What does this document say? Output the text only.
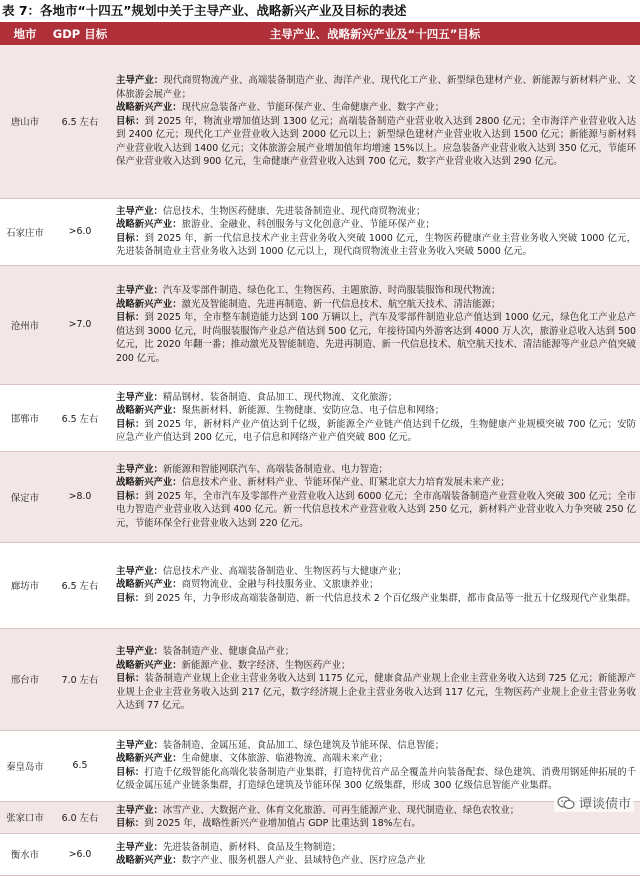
表 7：各地市“十四五”规划中关于主导产业、战略新兴产业及目标的表述
地市	GDP 目标	主导产业、战略新兴产业及“十四五”目标
唐山市	6.5 左右	主导产业：现代商贸物流产业、高端装备制造产业、海洋产业、现代化工产业、新型绿色建材产业、新能源与新材料产业、文体旅游会展产业；
战略新兴产业：现代应急装备产业、节能环保产业、生命健康产业、数字产业；
目标：到 2025 年，物流业增加值达到 1300 亿元；高端装备制造产业营业收入达到 2800 亿元；全市海洋产业营业收入达到 2400 亿元；现代化工产业营业收入达到 2000 亿元以上；新型绿色建材产业营业收入达到 1500 亿元；新能源与新材料产业营业收入达到 1400 亿元；文体旅游会展产业增加值年均增速 15%以上。应急装备产业营业收入达到 350 亿元，节能环保产业营业收入达到 900 亿元，生命健康产业营业收入达到 700 亿元，数字产业营业收入达到 290 亿元。

石家庄市	>6.0	主导产业：信息技术、生物医药健康、先进装备制造业、现代商贸物流业；
战略新兴产业：旅游业、金融业、科创服务与文化创意产业、节能环保产业；
目标：到 2025 年，新一代信息技术产业主营业务收入突破 1000 亿元，生物医药健康产业主营业务收入突破 1000 亿元，先进装备制造业主营业务收入达到 1000 亿元以上，现代商贸物流业主营业务收入突破 5000 亿元。

沧州市	>7.0	主导产业：汽车及零部件制造、绿色化工、生物医药、主题旅游、时尚服装服饰和现代物流；
战略新兴产业：激光及智能制造、先进再制造、新一代信息技术、航空航天技术、清洁能源；
目标：到 2025 年，全市整车制造能力达到 100 万辆以上，汽车及零部件制造业总产值达到 1000 亿元，绿色化工产业总产值达到 3000 亿元，时尚服装服饰产业总产值达到 500 亿元，年接待国内外游客达到 4000 万人次，旅游业总收入达到 500 亿元，比 2020 年翻一番；推动激光及智能制造、先进再制造、新一代信息技术、航空航天技术、清洁能源等产业总产值突破 200 亿元。

邯郸市	6.5 左右	主导产业：精品钢材、装备制造、食品加工、现代物流、文化旅游；
战略新兴产业：聚焦新材料、新能源、生物健康、安防应急、电子信息和网络；
目标：到 2025 年，新材料产业产值达到千亿级，新能源全产业链产值达到千亿级，生物健康产业规模突破 700 亿元；安防应急产业产值达到 200 亿元，电子信息和网络产业产值突破 800 亿元。

保定市	>8.0	主导产业：新能源和智能网联汽车、高端装备制造业、电力智造；
战略新兴产业：信息技术产业、新材料产业、节能环保产业、盯紧北京大力培育发展未来产业；
目标：到 2025 年，全市汽车及零部件产业营业收入达到 6000 亿元；全市高端装备制造产业营业收入突破 300 亿元；全市电力智造产业营业收入达到 400 亿元。新一代信息技术产业营业收入达到 250 亿元，新材料产业营业收入力争突破 250 亿元，节能环保全行业营业收入达到 220 亿元。

廊坊市	6.5 左右	主导产业：信息技术产业、高端装备制造业、生物医药与大健康产业；
战略新兴产业：商贸物流业、金融与科技服务业、文旅康养业；
目标：到 2025 年，力争形成高端装备制造、新一代信息技术 2 个百亿级产业集群，都市食品等一批五十亿级现代产业集群。

邢台市	7.0 左右	主导产业：装备制造产业、健康食品产业；
战略新兴产业：新能源产业、数字经济、生物医药产业；
目标：装备制造产业规上企业主营业务收入达到 1175 亿元，健康食品产业规上企业主营业务收入达到 725 亿元；新能源产业规上企业主营业务收入达到 217 亿元，数字经济规上企业主营业务收入达到 117 亿元，生物医药产业规上企业主营业务收入达到 77 亿元。

秦皇岛市	6.5	主导产业：装备制造、金属压延、食品加工、绿色建筑及节能环保、信息智能；
战略新兴产业：生命健康、文体旅游、临港物流、高端未来产业；
目标：打造千亿级智能化高端化装备制造产业集群，打造特优首产品全覆盖并向装备配套、绿色建筑、消费用钢延伸拓展的千亿级金属压延产业链条集群，打造绿色建筑及节能环保 300 亿级集群，形成 300 亿级信息智能产业集群。

张家口市	6.0 左右	主导产业：冰雪产业、大数据产业、体育文化旅游、可再生能源产业、现代制造业、绿色农牧业；
目标：到 2025 年，战略性新兴产业增加值占 GDP 比重达到 18%左右。

衡水市	>6.0	主导产业：先进装备制造、新材料、食品及生物制造；
战略新兴产业：数字产业、服务机器人产业、县域特色产业、医疗应急产业
谭谈债市
